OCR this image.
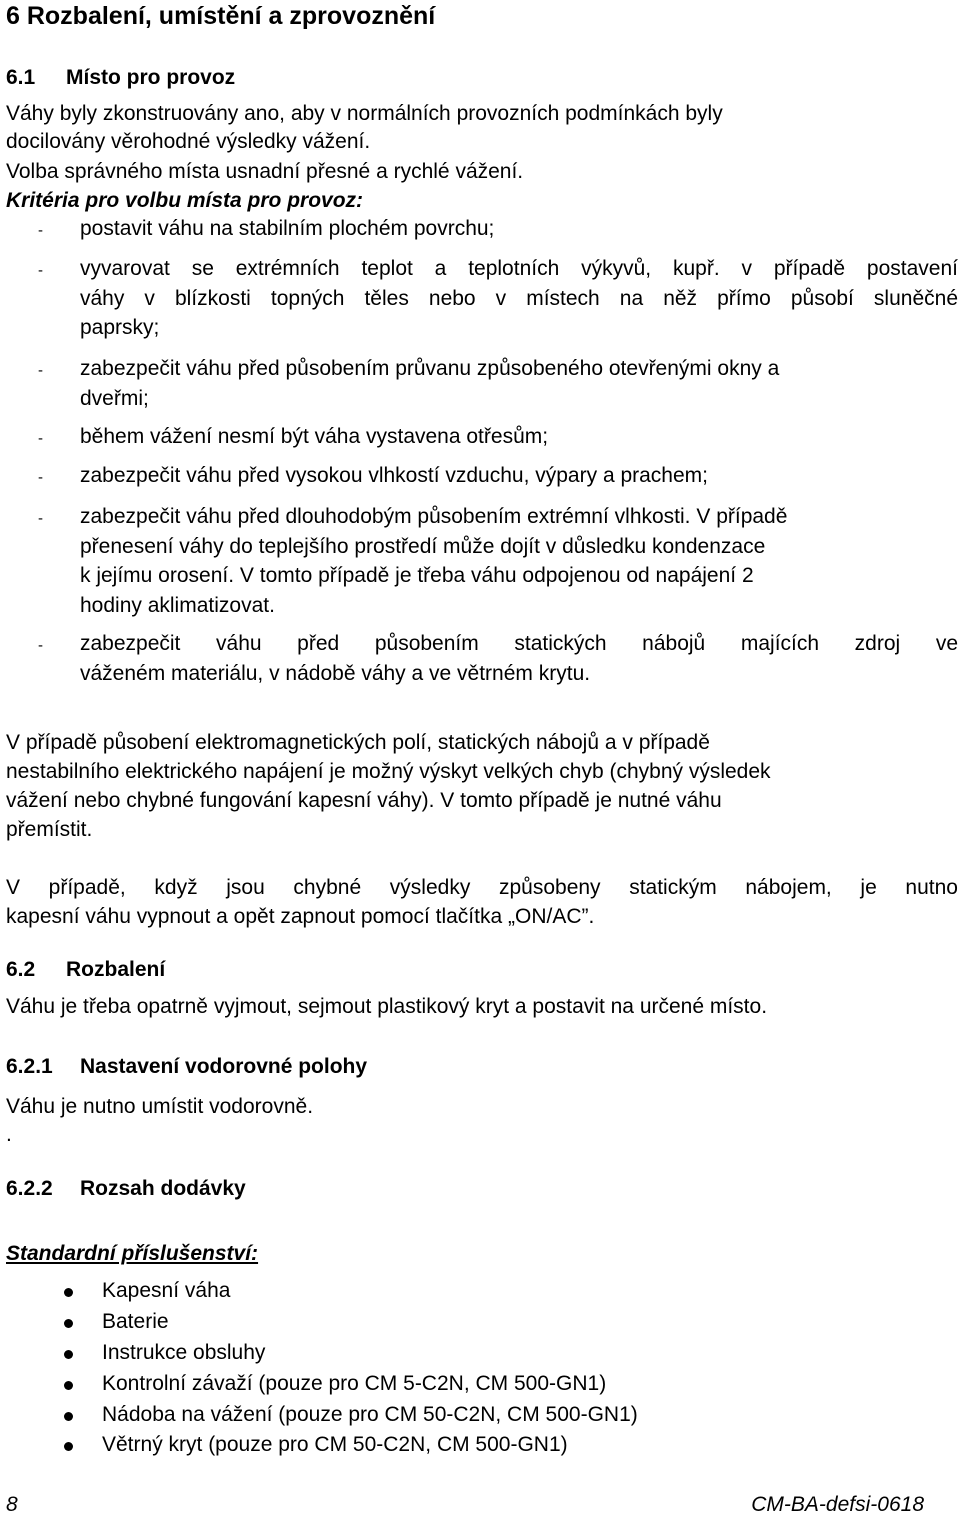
6 Rozbalení, umístění a zprovoznění
6.1 Místo pro provoz
Váhy byly zkonstruovány ano, aby v normálních provozních podmínkách byly
docilovány věrohodné výsledky vážení.
Volba správného místa usnadní přesné a rychlé vážení.
Kritéria pro volbu místa pro provoz:
- postavit váhu na stabilním plochém povrchu;
- vyvarovat se extrémních teplot a teplotních výkyvů, kupř. v případě postavení
váhy v blízkosti topných těles nebo v místech na něž přímo působí sluněčné
paprsky;
- zabezpečit váhu před působením průvanu způsobeného otevřenými okny a
dveřmi;
- během vážení nesmí být váha vystavena otřesům;
- zabezpečit váhu před vysokou vlhkostí vzduchu, výpary a prachem;
- zabezpečit váhu před dlouhodobým působením extrémní vlhkosti. V případě
přenesení váhy do teplejšího prostředí může dojít v důsledku kondenzace
k jejímu orosení. V tomto případě je třeba váhu odpojenou od napájení 2
hodiny aklimatizovat.
- zabezpečit váhu před působením statických nábojů majících zdroj ve
váženém materiálu, v nádobě váhy a ve větrném krytu.
V případě působení elektromagnetických polí, statických nábojů a v případě
nestabilního elektrického napájení je možný výskyt velkých chyb (chybný výsledek
vážení nebo chybné fungování kapesní váhy). V tomto případě je nutné váhu
přemístit.
V případě, když jsou chybné výsledky způsobeny statickým nábojem, je nutno
kapesní váhu vypnout a opět zapnout pomocí tlačítka „ON/AC”.
6.2 Rozbalení
Váhu je třeba opatrně vyjmout, sejmout plastikový kryt a postavit na určené místo.
6.2.1 Nastavení vodorovné polohy
Váhu je nutno umístit vodorovně.
.
6.2.2 Rozsah dodávky
Standardní příslušenství:
Kapesní váha
Baterie
Instrukce obsluhy
Kontrolní závaží (pouze pro CM 5-C2N, CM 500-GN1)
Nádoba na vážení (pouze pro CM 50-C2N, CM 500-GN1)
Větrný kryt (pouze pro CM 50-C2N, CM 500-GN1)
8	CM-BA-defsi-0618
